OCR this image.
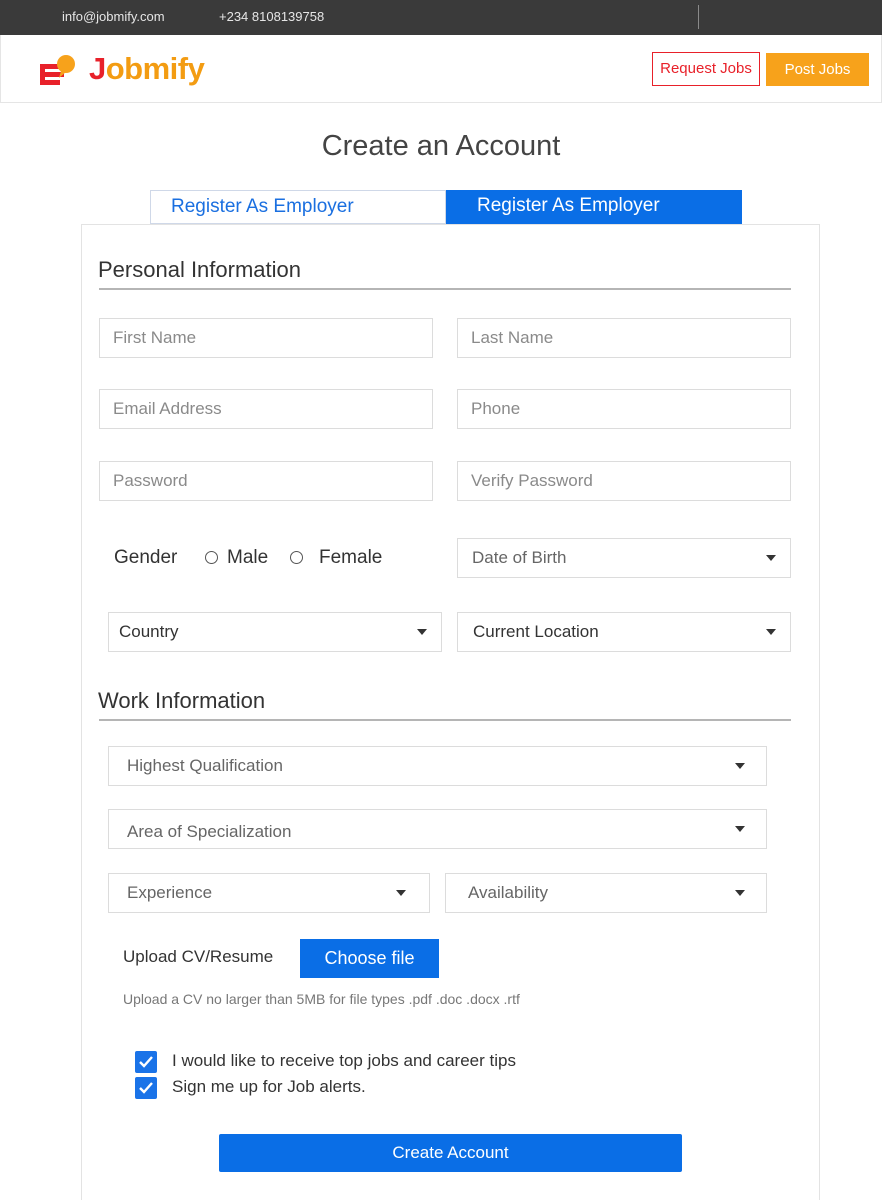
info@jobmify.com	+234 8108139758
Jobmify	Request Jobs	Post Jobs
Create an Account
Register As Employer	Register As Employer
Personal Information
First Name	Last Name
Email Address	Phone
Password	Verify Password
Gender	Male	Female	Date of Birth
Country	Current Location
Work Information
Highest Qualification
Area of Specialization
Experience	Availability
Upload CV/Resume	Choose file
Upload a CV no larger than 5MB for file types .pdf .doc .docx .rtf
I would like to receive top jobs and career tips
Sign me up for Job alerts.
Create Account
